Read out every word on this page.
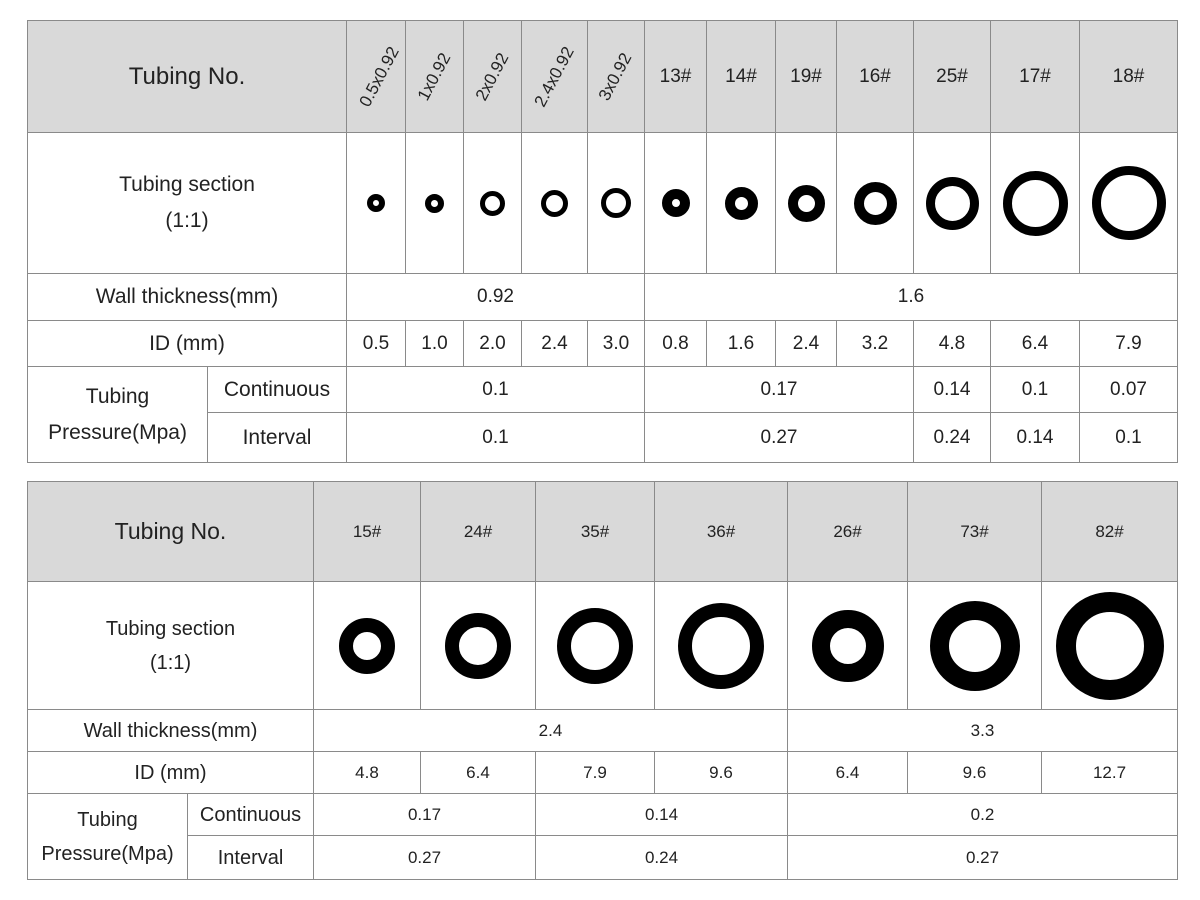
Tubing No.		0.5x0.92	1x0.92	2x0.92	2.4x0.92	3x0.92	13#	14#	19#	16#	25#	17#	18#

Tubing section
(1:1)													

Wall thickness(mm)		0.92					1.6						
ID (mm)		0.5	1.0	2.0	2.4	3.0	0.8	1.6	2.4	3.2	4.8	6.4	7.9

Tubing
Pressure(Mpa)	Continuous	0.1					0.17				0.14	0.1	0.07
	Interval	0.1					0.27				0.24	0.14	0.1
Tubing No.		15#	24#	35#	36#	26#	73#	82#

Tubing section
(1:1)								

Wall thickness(mm)		2.4				3.3		
ID (mm)		4.8	6.4	7.9	9.6	6.4	9.6	12.7

Tubing
Pressure(Mpa)	Continuous	0.17		0.14		0.2		
	Interval	0.27		0.24		0.27		
